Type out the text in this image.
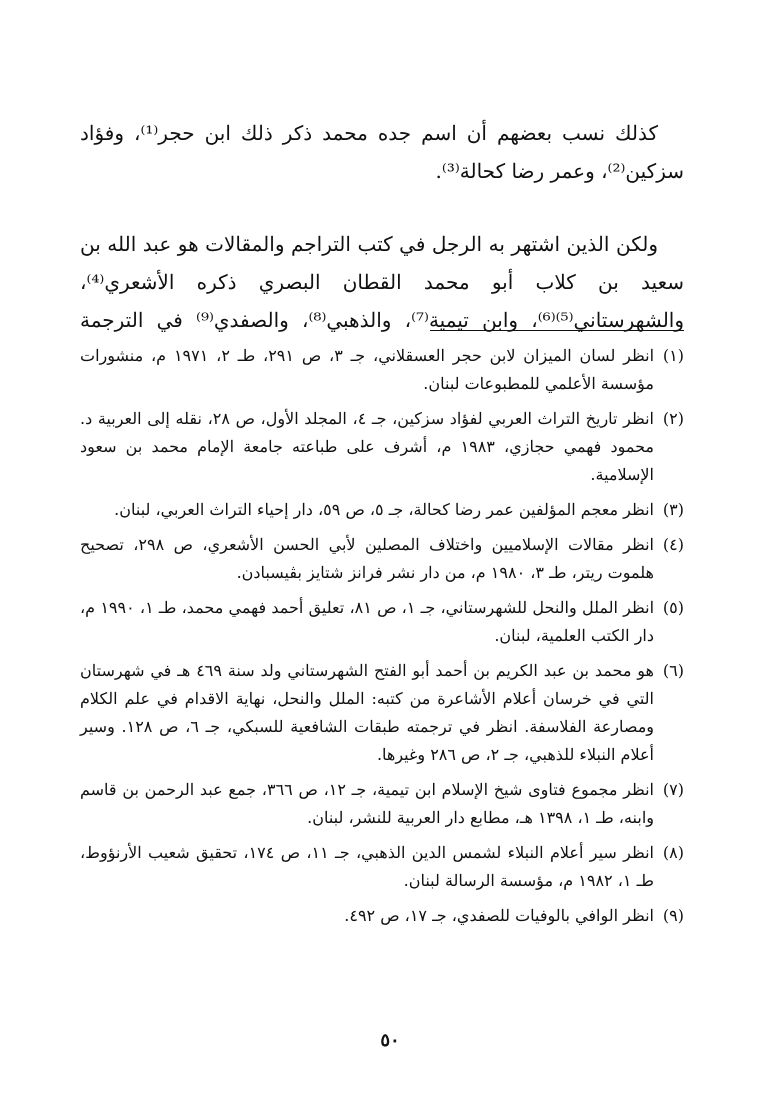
كذلك نسب بعضهم أن اسم جده محمد ذكر ذلك ابن حجر⁽¹⁾، وفؤاد سزكين⁽²⁾، وعمر رضا كحالة⁽³⁾.

ولكن الذين اشتهر به الرجل في كتب التراجم والمقالات هو عبد الله بن سعيد بن كلاب أبو محمد القطان البصري ذكره الأشعري⁽⁴⁾، والشهرستاني⁽⁵⁾⁽⁶⁾، وابن تيمية⁽⁷⁾، والذهبي⁽⁸⁾، والصفدي⁽⁹⁾ في الترجمة

(١)
انظر لسان الميزان لابن حجر العسقلاني، جـ ٣، ص ٢٩١، طـ ٢، ١٩٧١ م، منشورات مؤسسة الأعلمي للمطبوعات لبنان.
(٢)
انظر تاريخ التراث العربي لفؤاد سزكين، جـ ٤، المجلد الأول، ص ٢٨، نقله إلى العربية د. محمود فهمي حجازي، ١٩٨٣ م، أشرف على طباعته جامعة الإمام محمد بن سعود الإسلامية.
(٣)
انظر معجم المؤلفين عمر رضا كحالة، جـ ٥، ص ٥٩، دار إحياء التراث العربي، لبنان.
(٤)
انظر مقالات الإسلاميين واختلاف المصلين لأبي الحسن الأشعري، ص ٢٩٨، تصحيح هلموت ريتر، طـ ٣، ١٩٨٠ م، من دار نشر فرانز شتايز بڤيسبادن.
(٥)
انظر الملل والنحل للشهرستاني، جـ ١، ص ٨١، تعليق أحمد فهمي محمد، طـ ١، ١٩٩٠ م، دار الكتب العلمية، لبنان.
(٦)
هو محمد بن عبد الكريم بن أحمد أبو الفتح الشهرستاني ولد سنة ٤٦٩ هـ في شهرستان التي في خرسان أعلام الأشاعرة من كتبه: الملل والنحل، نهاية الاقدام في علم الكلام ومصارعة الفلاسفة. انظر في ترجمته طبقات الشافعية للسبكي، جـ ٦، ص ١٢٨. وسير أعلام النبلاء للذهبي، جـ ٢، ص ٢٨٦ وغيرها.
(٧)
انظر مجموع فتاوى شيخ الإسلام ابن تيمية، جـ ١٢، ص ٣٦٦، جمع عبد الرحمن بن قاسم وابنه، طـ ١، ١٣٩٨ هـ، مطابع دار العربية للنشر، لبنان.
(٨)
انظر سير أعلام النبلاء لشمس الدين الذهبي، جـ ١١، ص ١٧٤، تحقيق شعيب الأرنؤوط، طـ ١، ١٩٨٢ م، مؤسسة الرسالة لبنان.
(٩)
انظر الوافي بالوفيات للصفدي، جـ ١٧، ص ٤٩٢.
٥٠
